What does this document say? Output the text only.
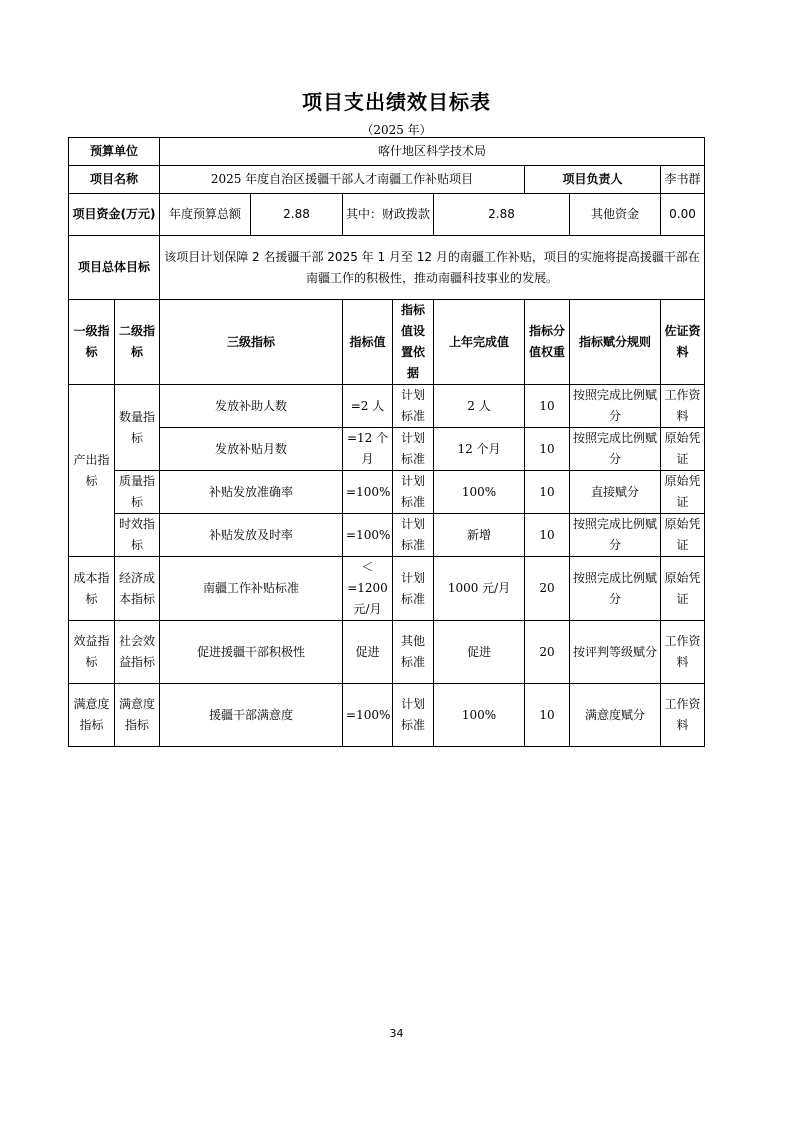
项目支出绩效目标表
（2025 年）
预算单位		喀什地区科学技术局							
项目名称		2025 年度自治区援疆干部人才南疆工作补贴项目					项目负责人		李书群
项目资金(万元)		年度预算总额	2.88	其中：财政拨款		2.88		其他资金	0.00
项目总体目标		该项目计划保障 2 名援疆干部 2025 年 1 月至 12 月的南疆工作补贴，项目的实施将提高援疆干部在南疆工作的积极性，推动南疆科技事业的发展。							
一级指标	二级指标	三级指标		指标值	指标值设置依据	上年完成值	指标分值权重	指标赋分规则	佐证资料
产出指标	数量指标	发放补助人数		=2 人	计划标准	2 人	10	按照完成比例赋分	工作资料
		发放补贴月数		=12 个月	计划标准	12 个月	10	按照完成比例赋分	原始凭证
	质量指标	补贴发放准确率		=100%	计划标准	100%	10	直接赋分	原始凭证
	时效指标	补贴发放及时率		=100%	计划标准	新增	10	按照完成比例赋分	原始凭证
成本指标	经济成本指标	南疆工作补贴标准		＜ =1200 元/月	计划标准	1000 元/月	20	按照完成比例赋分	原始凭证
效益指标	社会效益指标	促进援疆干部积极性		促进	其他标准	促进	20	按评判等级赋分	工作资料
满意度指标	满意度指标	援疆干部满意度		=100%	计划标准	100%	10	满意度赋分	工作资料
34
